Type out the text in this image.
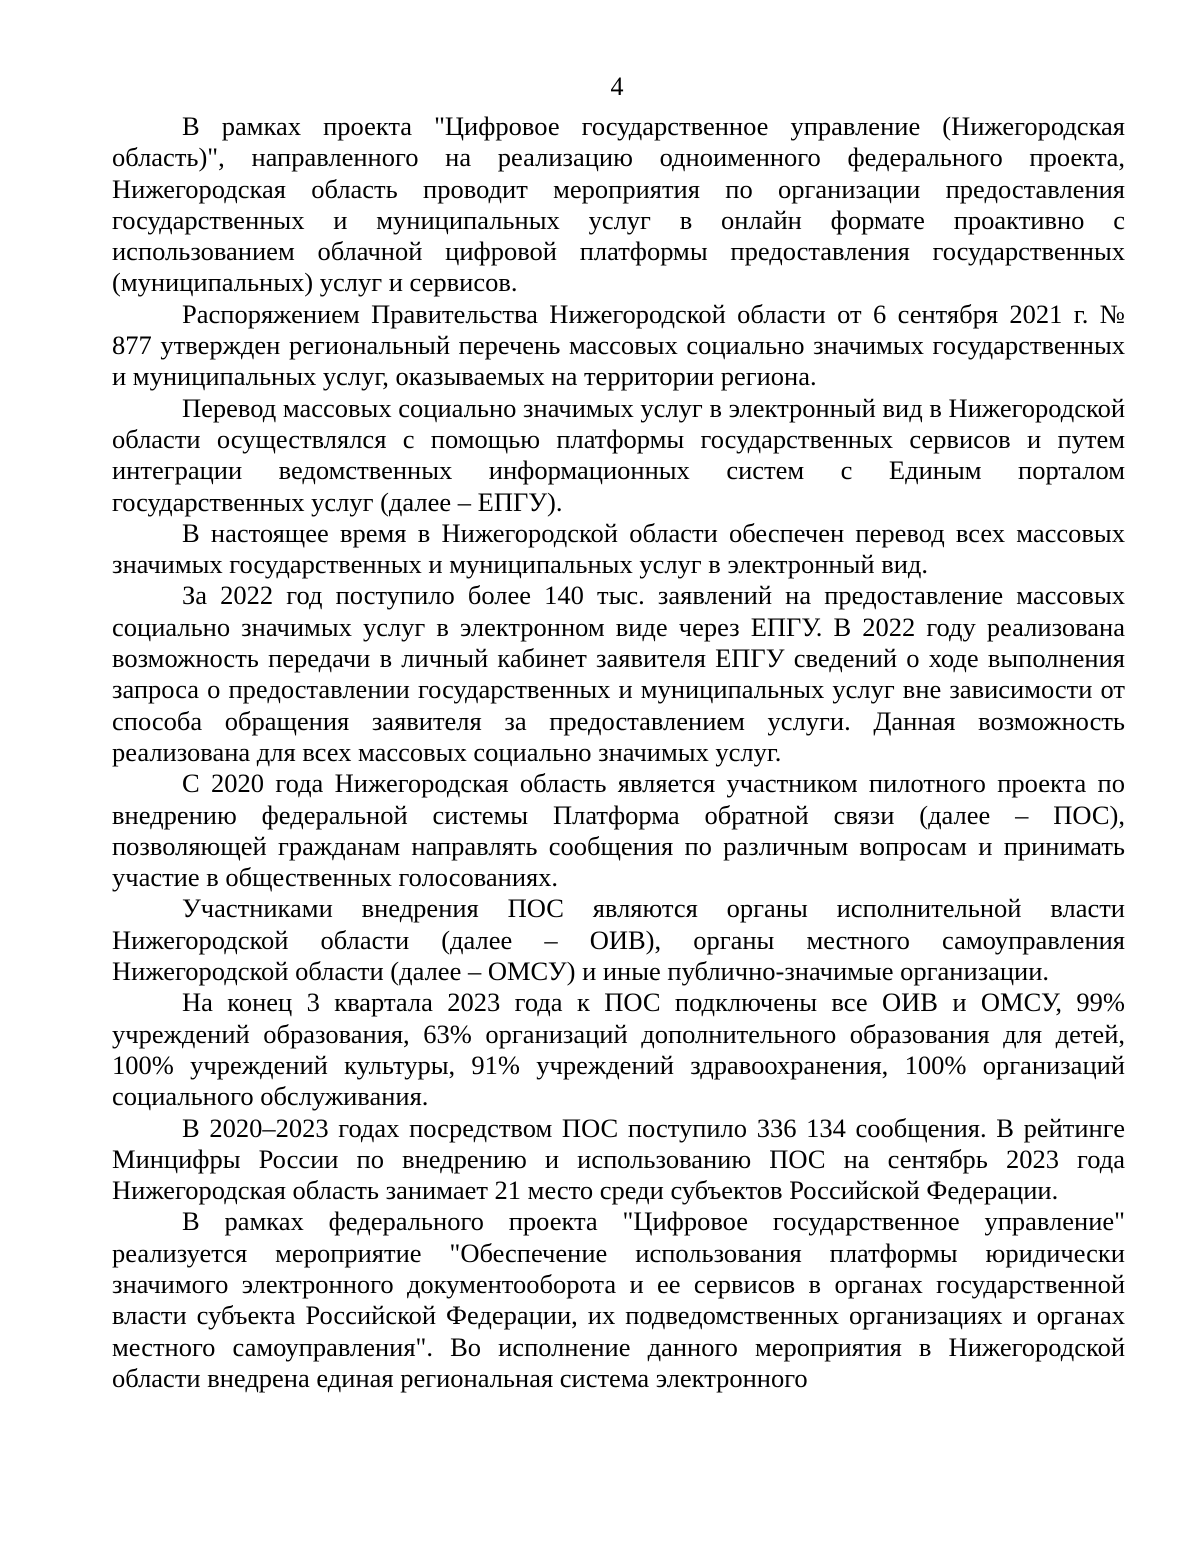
4

В рамках проекта "Цифровое государственное управление (Нижегородская область)", направленного на реализацию одноименного федерального проекта, Нижегородская область проводит мероприятия по организации предоставления государственных и муниципальных услуг в онлайн формате проактивно с использованием облачной цифровой платформы предоставления государственных (муниципальных) услуг и сервисов.

Распоряжением Правительства Нижегородской области от 6 сентября 2021 г. № 877 утвержден региональный перечень массовых социально значимых государственных и муниципальных услуг, оказываемых на территории региона.

Перевод массовых социально значимых услуг в электронный вид в Нижегородской области осуществлялся с помощью платформы государственных сервисов и путем интеграции ведомственных информационных систем с Единым порталом государственных услуг (далее – ЕПГУ).

В настоящее время в Нижегородской области обеспечен перевод всех массовых значимых государственных и муниципальных услуг в электронный вид.

За 2022 год поступило более 140 тыс. заявлений на предоставление массовых социально значимых услуг в электронном виде через ЕПГУ. В 2022 году реализована возможность передачи в личный кабинет заявителя ЕПГУ сведений о ходе выполнения запроса о предоставлении государственных и муниципальных услуг вне зависимости от способа обращения заявителя за предоставлением услуги. Данная возможность реализована для всех массовых социально значимых услуг.

С 2020 года Нижегородская область является участником пилотного проекта по внедрению федеральной системы Платформа обратной связи (далее – ПОС), позволяющей гражданам направлять сообщения по различным вопросам и принимать участие в общественных голосованиях.

Участниками внедрения ПОС являются органы исполнительной власти Нижегородской области (далее – ОИВ), органы местного самоуправления Нижегородской области (далее – ОМСУ) и иные публично-значимые организации.

На конец 3 квартала 2023 года к ПОС подключены все ОИВ и ОМСУ, 99% учреждений образования, 63% организаций дополнительного образования для детей, 100% учреждений культуры, 91% учреждений здравоохранения, 100% организаций социального обслуживания.

В 2020–2023 годах посредством ПОС поступило 336 134 сообщения. В рейтинге Минцифры России по внедрению и использованию ПОС на сентябрь 2023 года Нижегородская область занимает 21 место среди субъектов Российской Федерации.

В рамках федерального проекта "Цифровое государственное управление" реализуется мероприятие "Обеспечение использования платформы юридически значимого электронного документооборота и ее сервисов в органах государственной власти субъекта Российской Федерации, их подведомственных организациях и органах местного самоуправления". Во исполнение данного мероприятия в Нижегородской области внедрена единая региональная система электронного
